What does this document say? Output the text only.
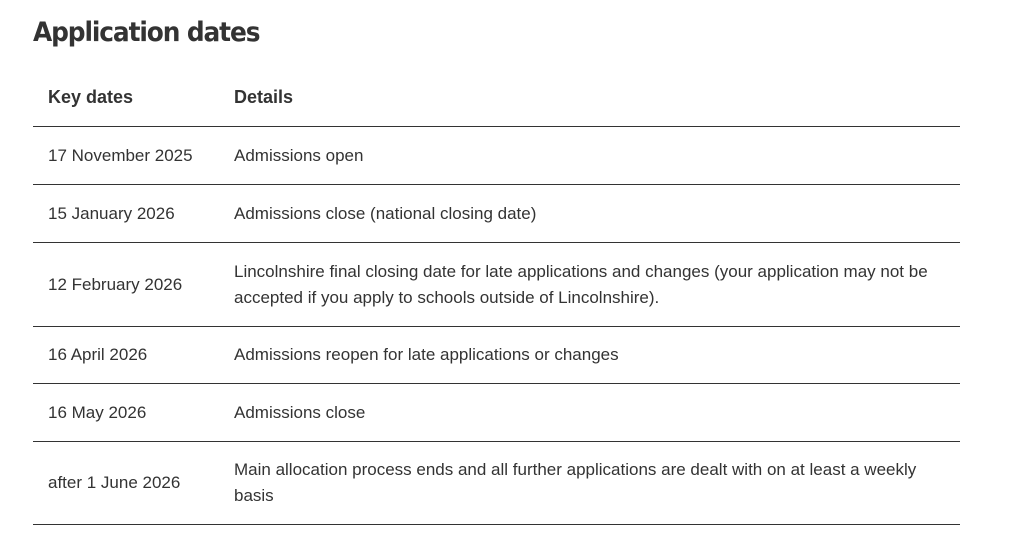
Application dates
Key dates	Details
17 November 2025	Admissions open
15 January 2026	Admissions close (national closing date)
12 February 2026	Lincolnshire final closing date for late applications and changes (your application may not be accepted if you apply to schools outside of Lincolnshire).
16 April 2026	Admissions reopen for late applications or changes
16 May 2026	Admissions close
after 1 June 2026	Main allocation process ends and all further applications are dealt with on at least a weekly basis
